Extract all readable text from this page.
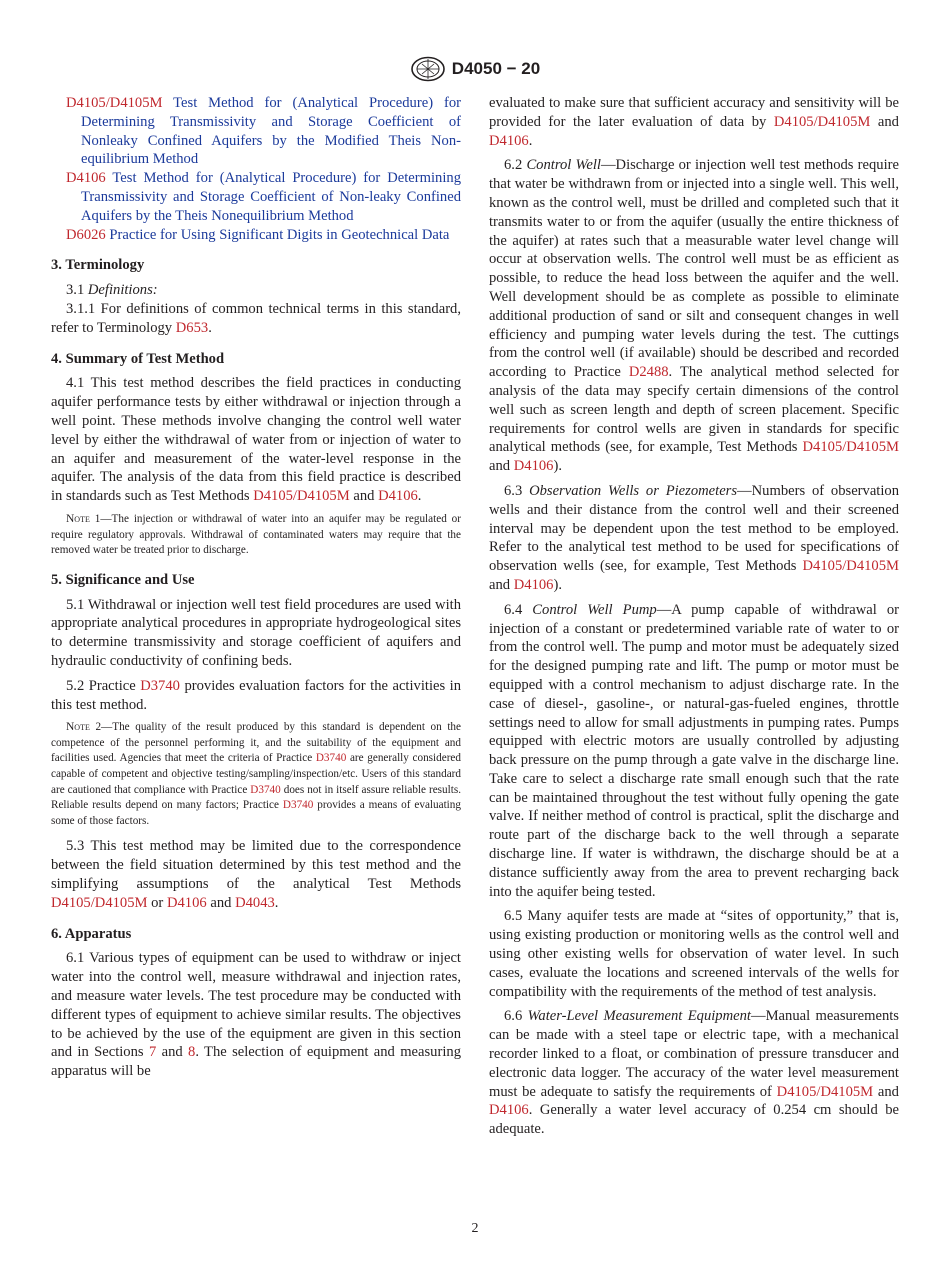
D4050 − 20

D4105/D4105M Test Method for (Analytical Procedure) for Determining Transmissivity and Storage Coefficient of Nonleaky Confined Aquifers by the Modified Theis Non-equilibrium Method

D4106 Test Method for (Analytical Procedure) for Determining Transmissivity and Storage Coefficient of Non-leaky Confined Aquifers by the Theis Nonequilibrium Method

D6026 Practice for Using Significant Digits in Geotechnical Data

3. Terminology

3.1 Definitions:

3.1.1 For definitions of common technical terms in this standard, refer to Terminology D653.

4. Summary of Test Method

4.1 This test method describes the field practices in conducting aquifer performance tests by either withdrawal or injection through a well point. These methods involve changing the control well water level by either the withdrawal of water from or injection of water to an aquifer and measurement of the water-level response in the aquifer. The analysis of the data from this field practice is described in standards such as Test Methods D4105/D4105M and D4106.

Note 1—The injection or withdrawal of water into an aquifer may be regulated or require regulatory approvals. Withdrawal of contaminated waters may require that the removed water be treated prior to discharge.

5. Significance and Use

5.1 Withdrawal or injection well test field procedures are used with appropriate analytical procedures in appropriate hydrogeological sites to determine transmissivity and storage coefficient of aquifers and hydraulic conductivity of confining beds.

5.2 Practice D3740 provides evaluation factors for the activities in this test method.

Note 2—The quality of the result produced by this standard is dependent on the competence of the personnel performing it, and the suitability of the equipment and facilities used. Agencies that meet the criteria of Practice D3740 are generally considered capable of competent and objective testing/sampling/inspection/etc. Users of this standard are cautioned that compliance with Practice D3740 does not in itself assure reliable results. Reliable results depend on many factors; Practice D3740 provides a means of evaluating some of those factors.

5.3 This test method may be limited due to the correspondence between the field situation determined by this test method and the simplifying assumptions of the analytical Test Methods D4105/D4105M or D4106 and D4043.

6. Apparatus

6.1 Various types of equipment can be used to withdraw or inject water into the control well, measure withdrawal and injection rates, and measure water levels. The test procedure may be conducted with different types of equipment to achieve similar results. The objectives to be achieved by the use of the equipment are given in this section and in Sections 7 and 8. The selection of equipment and measuring apparatus will be

evaluated to make sure that sufficient accuracy and sensitivity will be provided for the later evaluation of data by D4105/D4105M and D4106.

6.2 Control Well—Discharge or injection well test methods require that water be withdrawn from or injected into a single well. This well, known as the control well, must be drilled and completed such that it transmits water to or from the aquifer (usually the entire thickness of the aquifer) at rates such that a measurable water level change will occur at observation wells. The control well must be as efficient as possible, to reduce the head loss between the aquifer and the well. Well development should be as complete as possible to eliminate additional production of sand or silt and consequent changes in well efficiency and pumping water levels during the test. The cuttings from the control well (if available) should be described and recorded according to Practice D2488. The analytical method selected for analysis of the data may specify certain dimensions of the control well such as screen length and depth of screen placement. Specific requirements for control wells are given in standards for specific analytical methods (see, for example, Test Methods D4105/D4105M and D4106).

6.3 Observation Wells or Piezometers—Numbers of observation wells and their distance from the control well and their screened interval may be dependent upon the test method to be employed. Refer to the analytical test method to be used for specifications of observation wells (see, for example, Test Methods D4105/D4105M and D4106).

6.4 Control Well Pump—A pump capable of withdrawal or injection of a constant or predetermined variable rate of water to or from the control well. The pump and motor must be adequately sized for the designed pumping rate and lift. The pump or motor must be equipped with a control mechanism to adjust discharge rate. In the case of diesel-, gasoline-, or natural-gas-fueled engines, throttle settings need to allow for small adjustments in pumping rates. Pumps equipped with electric motors are usually controlled by adjusting back pressure on the pump through a gate valve in the discharge line. Take care to select a discharge rate small enough such that the rate can be maintained throughout the test without fully opening the gate valve. If neither method of control is practical, split the discharge and route part of the discharge back to the well through a separate discharge line. If water is withdrawn, the discharge should be at a distance sufficiently away from the area to prevent recharging back into the aquifer being tested.

6.5 Many aquifer tests are made at “sites of opportunity,” that is, using existing production or monitoring wells as the control well and using other existing wells for observation of water level. In such cases, evaluate the locations and screened intervals of the wells for compatibility with the requirements of the method of test analysis.

6.6 Water-Level Measurement Equipment—Manual measurements can be made with a steel tape or electric tape, with a mechanical recorder linked to a float, or combination of pressure transducer and electronic data logger. The accuracy of the water level measurement must be adequate to satisfy the requirements of D4105/D4105M and D4106. Generally a water level accuracy of 0.254 cm should be adequate.

2
